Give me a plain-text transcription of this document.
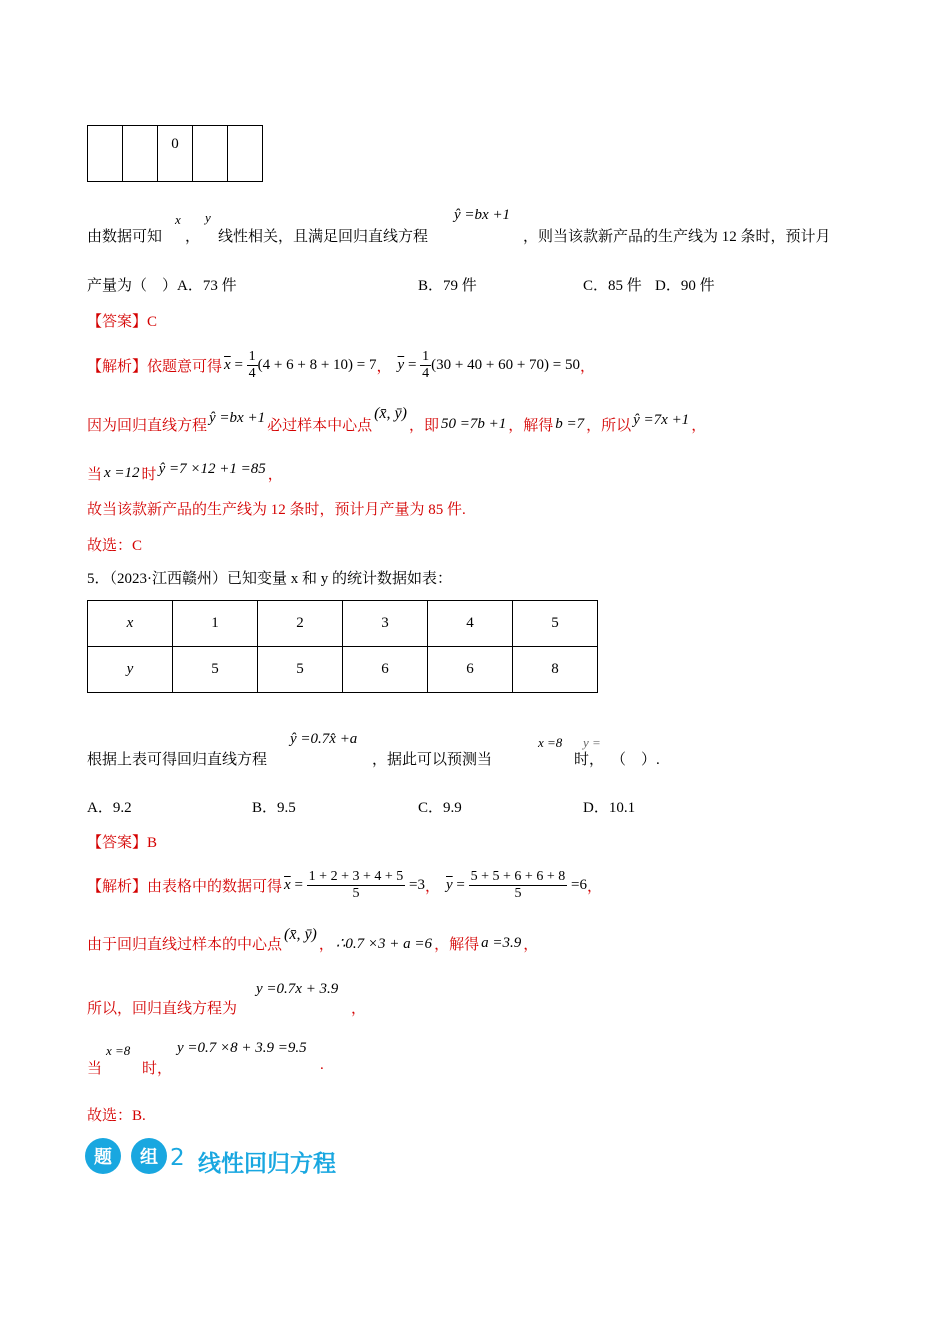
		0		
由数据可知
x
，
y
线性相关，且满足回归直线方程
ŷ =bx +1
，则当该款新产品的生产线为 12 条时，预计月
产量为（　）A．73 件	B．79 件	C．85 件 D．90 件
【答案】C
【解析】 依题意可得 $\overline{x} = \frac{1}{4} (4 + 6 + 8 + 10) = 7$ ， $\overline{y} = \frac{1}{4} (30 + 40 + 60 + 70) = 50$ ，
因为回归直线方程 ŷ =bx +1 必过样本中心点
(x̄, ȳ)
，即 50 =7b +1 ，解得 b =7 ，所以 ŷ =7x +1 ，
当 x =12 时 ŷ =7 ×12 +1 =85 ，
故当该款新产品的生产线为 12 条时，预计月产量为 85 件.
故选：C
5．（2023·江西赣州）已知变量 x 和 y 的统计数据如表：
x	1	2	3	4	5
y	5	5	6	6	8
根据上表可得回归直线方程
ŷ =0.7x̂ +a
，据此可以预测当
x =8
时，
y =
（　）.
A．9.2	B．9.5	C．9.9	D．10.1
【答案】B
【解析】 由表格中的数据可得 $\overline{x} = \frac{1 + 2 + 3 + 4 + 5}{5} =3$ ， $\overline{y} = \frac{5 + 5 + 6 + 6 + 8}{5} =6$ ，
由于回归直线过样本的中心点
(x̄, ȳ)
， ∴0.7 ×3 + a =6 ，解得 a =3.9 ，
所以，回归直线方程为
y =0.7x + 3.9
，
当
x =8
时，
y =0.7 ×8 + 3.9 =9.5
.
故选：B.
题	组 2 线性回归方程
